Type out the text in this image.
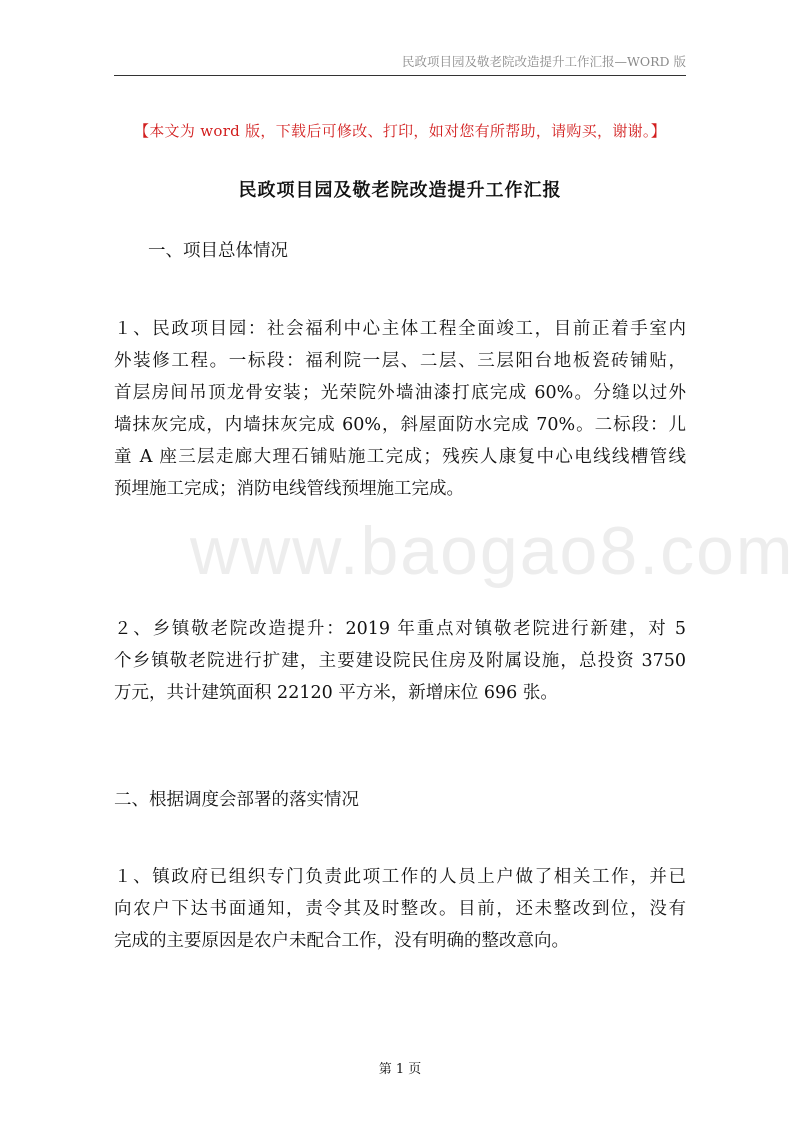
民政项目园及敬老院改造提升工作汇报—WORD 版
【本文为 word 版，下载后可修改、打印，如对您有所帮助，请购买，谢谢。】
民政项目园及敬老院改造提升工作汇报
www.baogao8.com
一、项目总体情况
１、民政项目园：社会福利中心主体工程全面竣工，目前正着手室内
外装修工程。一标段：福利院一层、二层、三层阳台地板瓷砖铺贴，
首层房间吊顶龙骨安装；光荣院外墙油漆打底完成 60%。分缝以过外
墙抹灰完成，内墙抹灰完成 60%，斜屋面防水完成 70%。二标段：儿
童 A 座三层走廊大理石铺贴施工完成；残疾人康复中心电线线槽管线
预埋施工完成；消防电线管线预埋施工完成。
２、乡镇敬老院改造提升：2019 年重点对镇敬老院进行新建，对 5
个乡镇敬老院进行扩建，主要建设院民住房及附属设施，总投资 3750
万元，共计建筑面积 22120 平方米，新增床位 696 张。
二、根据调度会部署的落实情况
１、镇政府已组织专门负责此项工作的人员上户做了相关工作，并已
向农户下达书面通知，责令其及时整改。目前，还未整改到位，没有
完成的主要原因是农户未配合工作，没有明确的整改意向。
第 1 页
